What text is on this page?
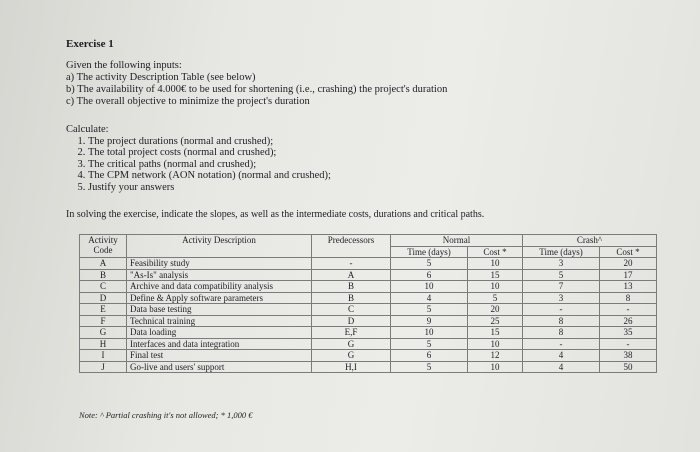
Exercise 1
Given the following inputs:
a) The activity Description Table (see below)
b) The availability of 4.000€ to be used for shortening (i.e., crashing) the project's duration
c) The overall objective to minimize the project's duration
Calculate:
1. The project durations (normal and crushed);
2. The total project costs (normal and crushed);
3. The critical paths (normal and crushed);
4. The CPM network (AON notation) (normal and crushed);
5. Justify your answers
In solving the exercise, indicate the slopes, as well as the intermediate costs, durations and critical paths.
Activity Code	Activity Description	Predecessors	Normal		Crash^	
			Time (days)	Cost *	Time (days)	Cost *
A	Feasibility study	-	5	10	3	20
B	"As-Is" analysis	A	6	15	5	17
C	Archive and data compatibility analysis	B	10	10	7	13
D	Define & Apply software parameters	B	4	5	3	8
E	Data base testing	C	5	20	-	-
F	Technical training	D	9	25	8	26
G	Data loading	E,F	10	15	8	35
H	Interfaces and data integration	G	5	10	-	-
I	Final test	G	6	12	4	38
J	Go-live and users' support	H,I	5	10	4	50
Note: ^ Partial crashing it's not allowed; * 1,000 €
